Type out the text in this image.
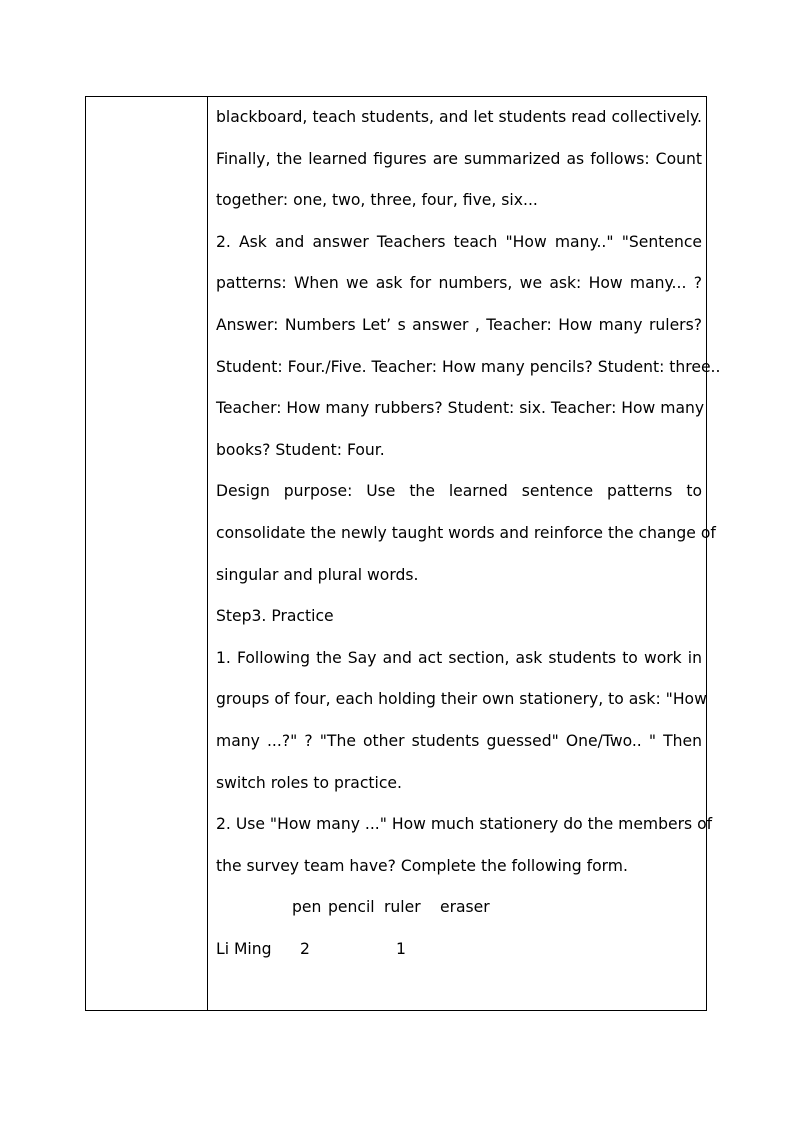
blackboard, teach students, and let students read collectively.
Finally, the learned figures are summarized as follows: Count
together: one, two, three, four, five, six...
2. Ask and answer Teachers teach "How many.." "Sentence
patterns: When we ask for numbers, we ask: How many... ?
Answer: Numbers Let’ s answer , Teacher: How many rulers?
Student: Four./Five. Teacher: How many pencils? Student: three..
Teacher: How many rubbers? Student: six. Teacher: How many
books? Student: Four.
Design purpose: Use the learned sentence patterns to
consolidate the newly taught words and reinforce the change of
singular and plural words.
Step3. Practice
1. Following the Say and act section, ask students to work in
groups of four, each holding their own stationery, to ask: "How
many ...?" ? "The other students guessed" One/Two.. " Then
switch roles to practice.
2. Use "How many ..." How much stationery do the members of
the survey team have? Complete the following form.
pen pencil ruler eraser
Li Ming 2	1
